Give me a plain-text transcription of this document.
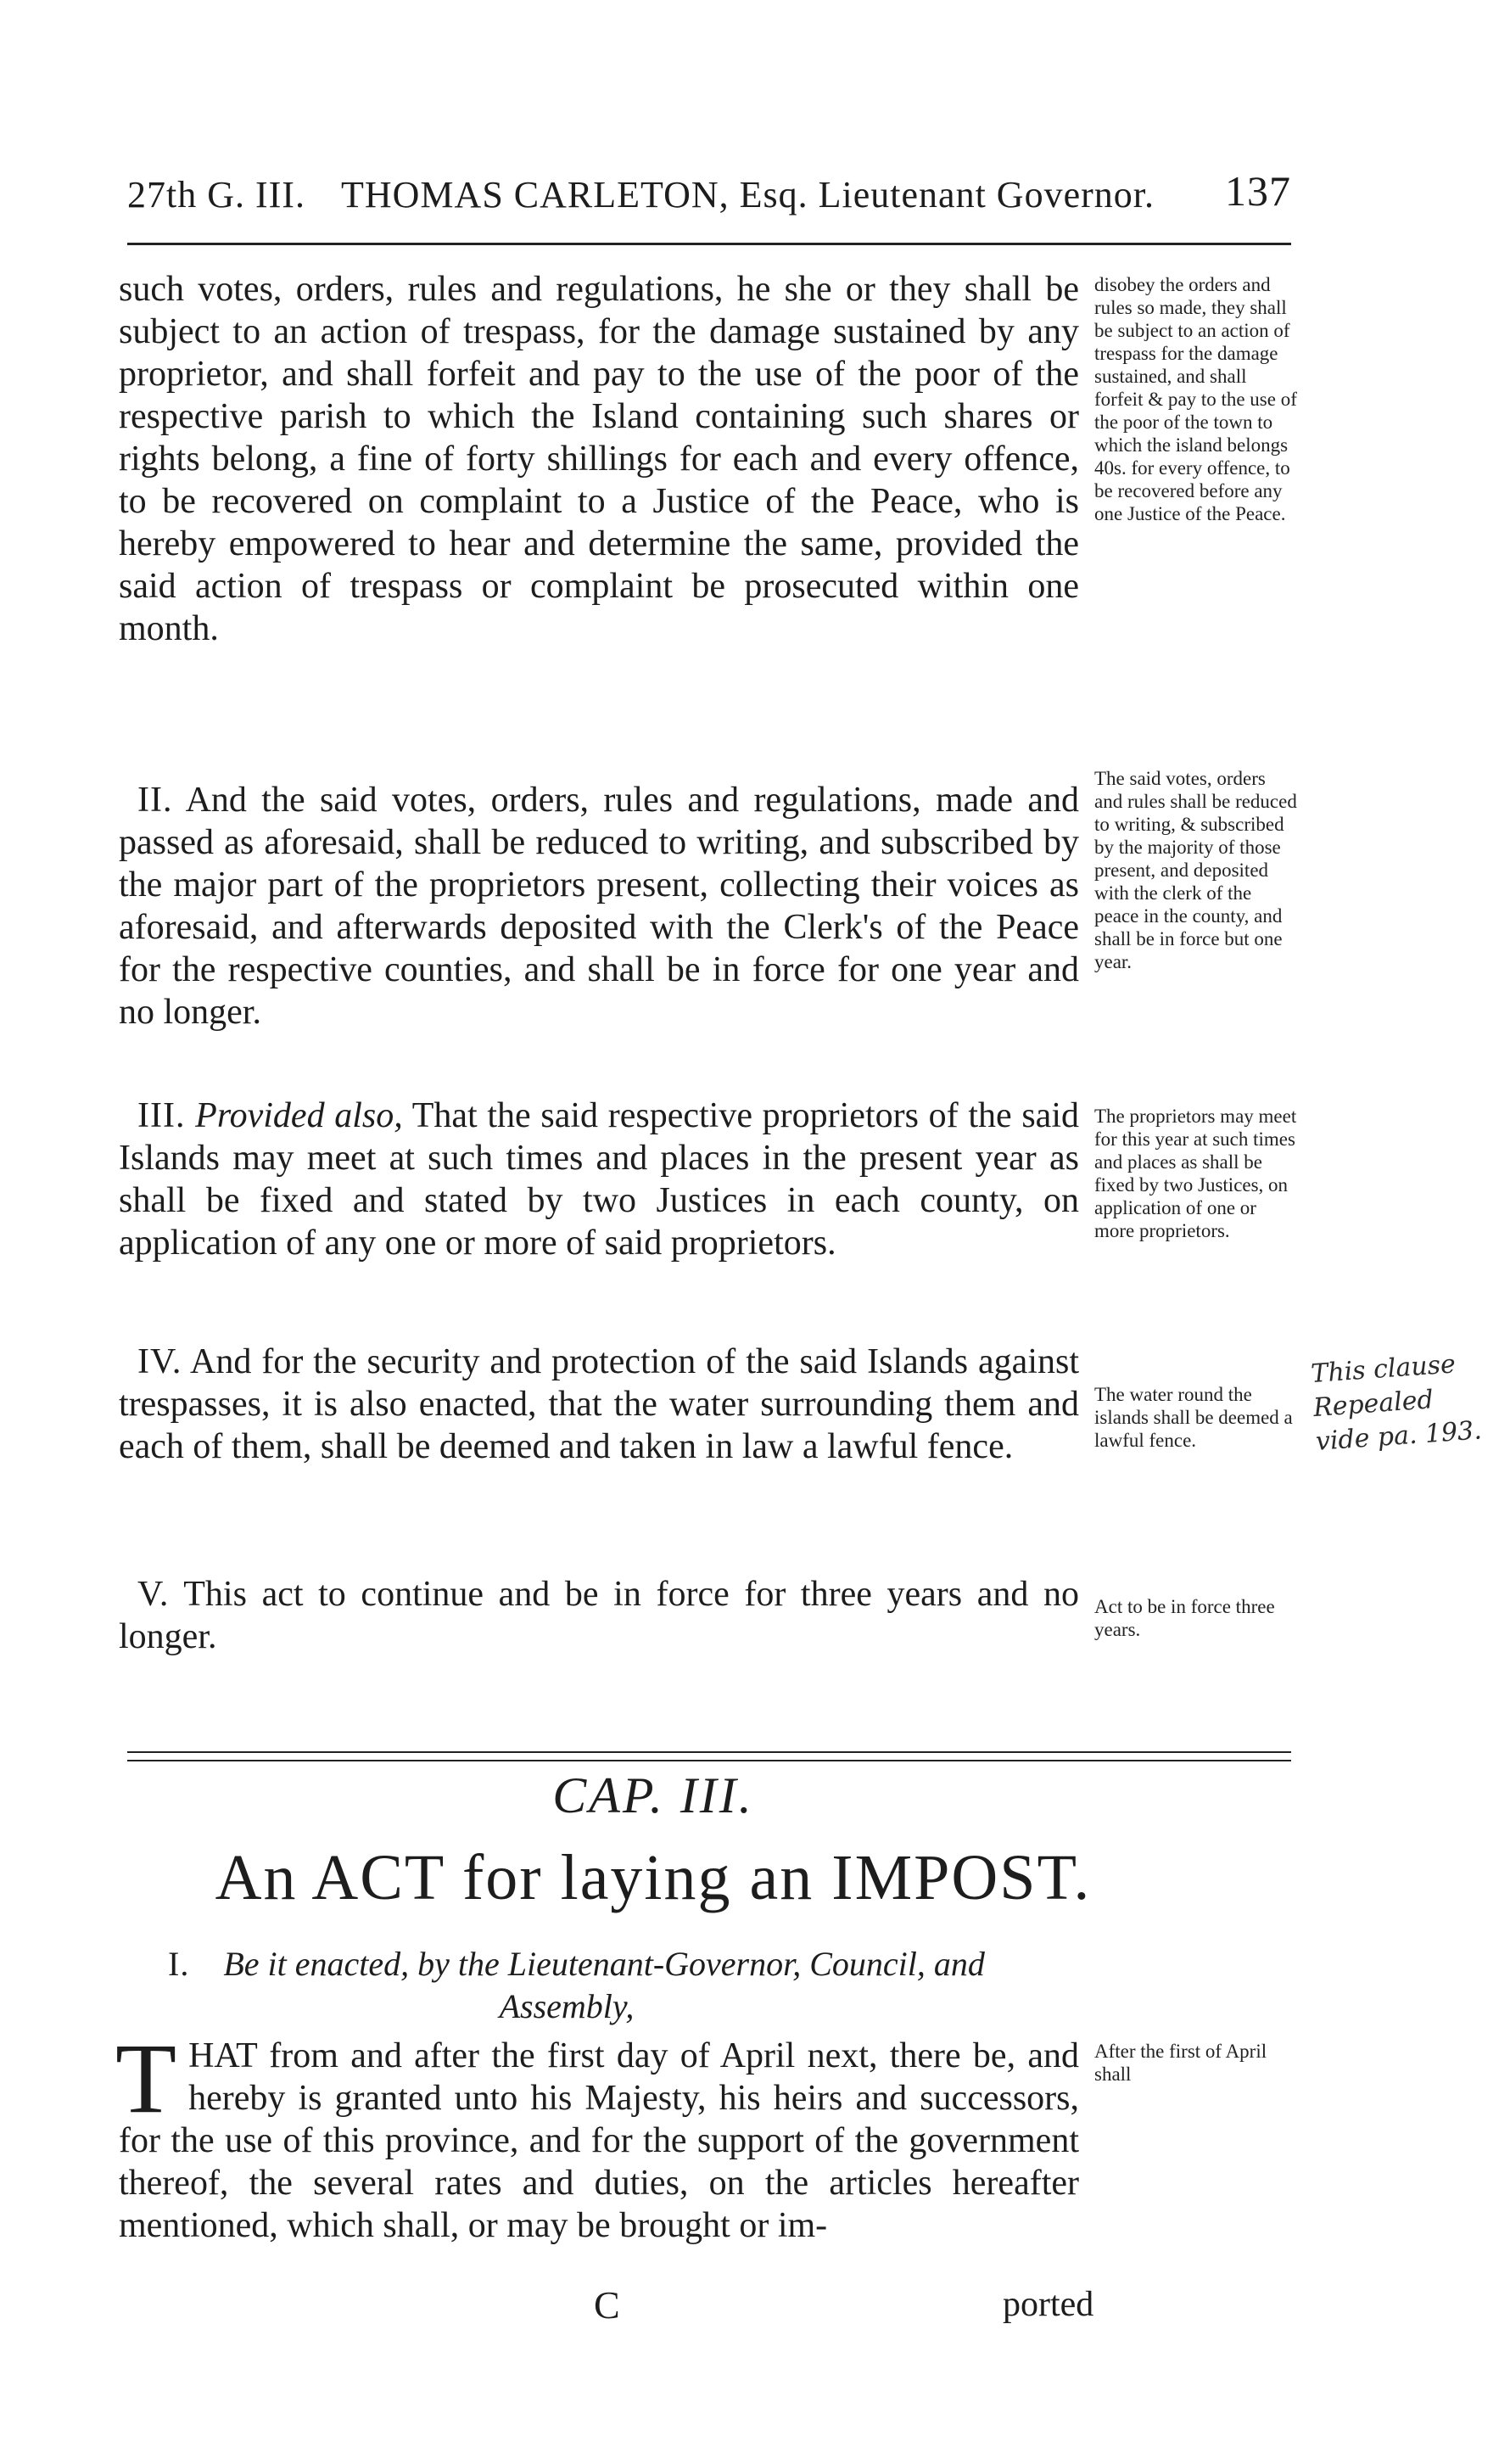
27th G. III. THOMAS CARLETON, Esq. Lieutenant Governor. 137

such votes, orders, rules and regulations, he she or they shall be subject to an action of trespass, for the damage sustained by any proprietor, and shall forfeit and pay to the use of the poor of the respective parish to which the Island containing such shares or rights belong, a fine of forty shillings for each and every offence, to be recovered on complaint to a Justice of the Peace, who is hereby empowered to hear and determine the same, provided the said action of trespass or complaint be prosecuted within one month.

II. And the said votes, orders, rules and regulations, made and passed as aforesaid, shall be reduced to writing, and subscribed by the major part of the proprietors present, collecting their voices as aforesaid, and afterwards deposited with the Clerk's of the Peace for the respective counties, and shall be in force for one year and no longer.

III. Provided also, That the said respective proprietors of the said Islands may meet at such times and places in the present year as shall be fixed and stated by two Justices in each county, on application of any one or more of said proprietors.

IV. And for the security and protection of the said Islands against trespasses, it is also enacted, that the water surrounding them and each of them, shall be deemed and taken in law a lawful fence.

V. This act to continue and be in force for three years and no longer.

disobey the orders and rules so made, they shall be subject to an action of trespass for the damage sustained, and shall forfeit & pay to the use of the poor of the town to which the island belongs 40s. for every offence, to be recovered before any one Justice of the Peace.
The said votes, orders and rules shall be reduced to writing, & subscribed by the majority of those present, and deposited with the clerk of the peace in the county, and shall be in force but one year.
The proprietors may meet for this year at such times and places as shall be fixed by two Justices, on application of one or more proprietors.
The water round the islands shall be deemed a lawful fence.
Act to be in force three years.
After the first of April shall
This clause
Repealed
vide pa. 193.
CAP. III.
An ACT for laying an IMPOST.
I. Be it enacted, by the Lieutenant-Governor, Council, and
Assembly,
T HAT from and after the first day of April next, there be, and hereby is granted unto his Majesty, his heirs and successors, for the use of this province, and for the support of the government thereof, the several rates and duties, on the articles hereafter mentioned, which shall, or may be brought or im-
C	ported
